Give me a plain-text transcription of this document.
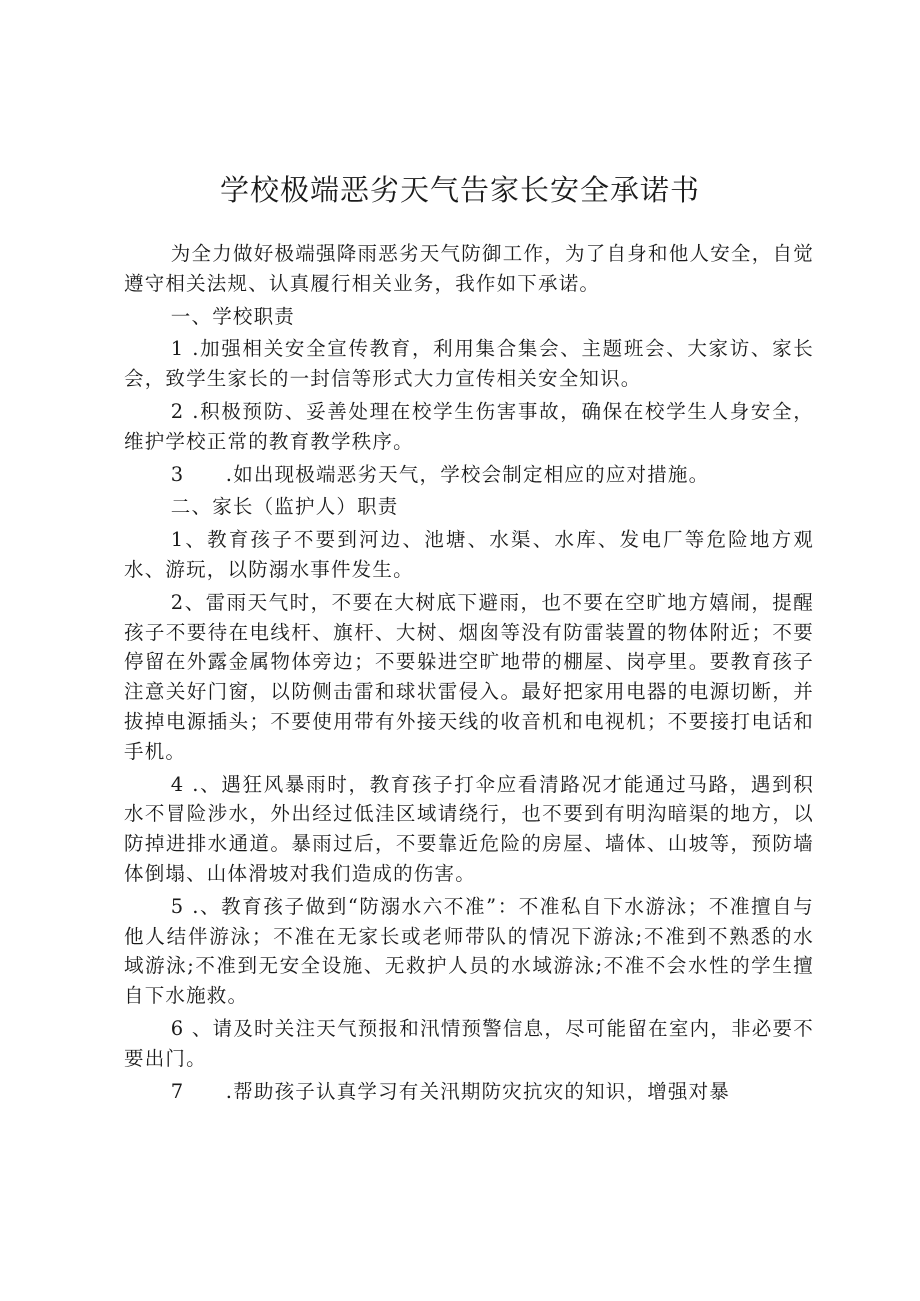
学校极端恶劣天气告家长安全承诺书

为全力做好极端强降雨恶劣天气防御工作，为了自身和他人安全，自觉遵守相关法规、认真履行相关业务，我作如下承诺。

一、学校职责

1 .加强相关安全宣传教育，利用集合集会、主题班会、大家访、家长会，致学生家长的一封信等形式大力宣传相关安全知识。

2 .积极预防、妥善处理在校学生伤害事故，确保在校学生人身安全，维护学校正常的教育教学秩序。

3　　.如出现极端恶劣天气，学校会制定相应的应对措施。

二、家长（监护人）职责

1、教育孩子不要到河边、池塘、水渠、水库、发电厂等危险地方观水、游玩，以防溺水事件发生。

2、雷雨天气时，不要在大树底下避雨，也不要在空旷地方嬉闹，提醒孩子不要待在电线杆、旗杆、大树、烟囱等没有防雷装置的物体附近；不要停留在外露金属物体旁边；不要躲进空旷地带的棚屋、岗亭里。要教育孩子注意关好门窗，以防侧击雷和球状雷侵入。最好把家用电器的电源切断，并拔掉电源插头；不要使用带有外接天线的收音机和电视机；不要接打电话和手机。

4 .、遇狂风暴雨时，教育孩子打伞应看清路况才能通过马路，遇到积水不冒险涉水，外出经过低洼区域请绕行，也不要到有明沟暗渠的地方，以防掉进排水通道。暴雨过后，不要靠近危险的房屋、墙体、山坡等，预防墙体倒塌、山体滑坡对我们造成的伤害。

5 .、教育孩子做到“防溺水六不准”：不准私自下水游泳；不准擅自与他人结伴游泳；不准在无家长或老师带队的情况下游泳;不准到不熟悉的水域游泳;不准到无安全设施、无救护人员的水域游泳;不准不会水性的学生擅自下水施救。

6 、请及时关注天气预报和汛情预警信息，尽可能留在室内，非必要不要出门。

7　　.帮助孩子认真学习有关汛期防灾抗灾的知识，增强对暴
